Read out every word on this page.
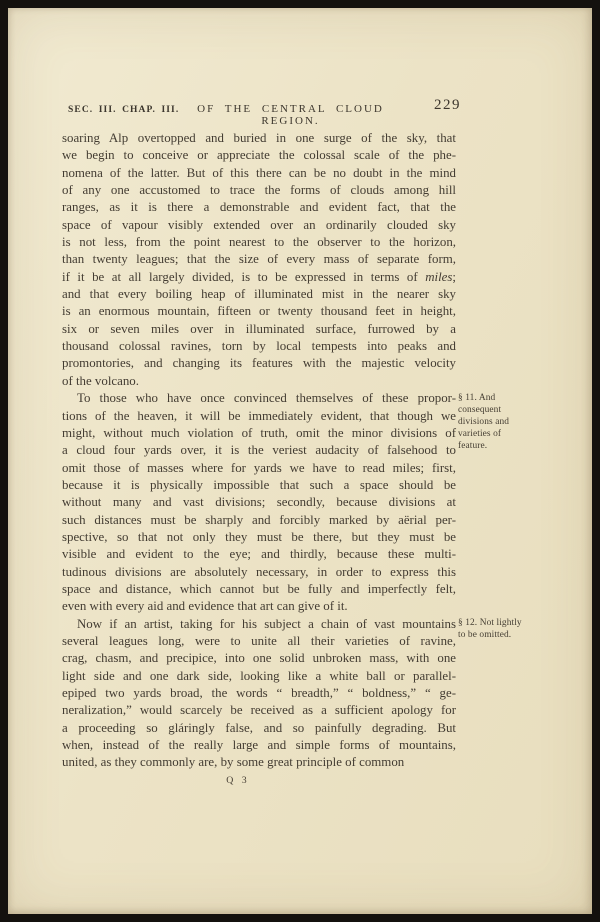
SEC. III. CHAP. III.	OF THE CENTRAL CLOUD REGION.
229
soaring Alp overtopped and buried in one surge of the sky, that
we begin to conceive or appreciate the colossal scale of the phe-
nomena of the latter. But of this there can be no doubt in the mind
of any one accustomed to trace the forms of clouds among hill
ranges, as it is there a demonstrable and evident fact, that the
space of vapour visibly extended over an ordinarily clouded sky
is not less, from the point nearest to the observer to the horizon,
than twenty leagues; that the size of every mass of separate form,
if it be at all largely divided, is to be expressed in terms of miles;
and that every boiling heap of illuminated mist in the nearer sky
is an enormous mountain, fifteen or twenty thousand feet in height,
six or seven miles over in illuminated surface, furrowed by a
thousand colossal ravines, torn by local tempests into peaks and
promontories, and changing its features with the majestic velocity
of the volcano.
To those who have once convinced themselves of these propor-
tions of the heaven, it will be immediately evident, that though we
might, without much violation of truth, omit the minor divisions of
a cloud four yards over, it is the veriest audacity of falsehood to
omit those of masses where for yards we have to read miles; first,
because it is physically impossible that such a space should be
without many and vast divisions; secondly, because divisions at
such distances must be sharply and forcibly marked by aërial per-
spective, so that not only they must be there, but they must be
visible and evident to the eye; and thirdly, because these multi-
tudinous divisions are absolutely necessary, in order to express this
space and distance, which cannot but be fully and imperfectly felt,
even with every aid and evidence that art can give of it.
Now if an artist, taking for his subject a chain of vast mountains
several leagues long, were to unite all their varieties of ravine,
crag, chasm, and precipice, into one solid unbroken mass, with one
light side and one dark side, looking like a white ball or parallel-
epiped two yards broad, the words “ breadth,” “ boldness,” “ ge-
neralization,” would scarcely be received as a sufficient apology for
a proceeding so gláringly false, and so painfully degrading. But
when, instead of the really large and simple forms of mountains,
united, as they commonly are, by some great principle of common
§ 11. And consequent divisions and varieties of feature.
§ 12. Not lightly to be omitted.
Q 3
